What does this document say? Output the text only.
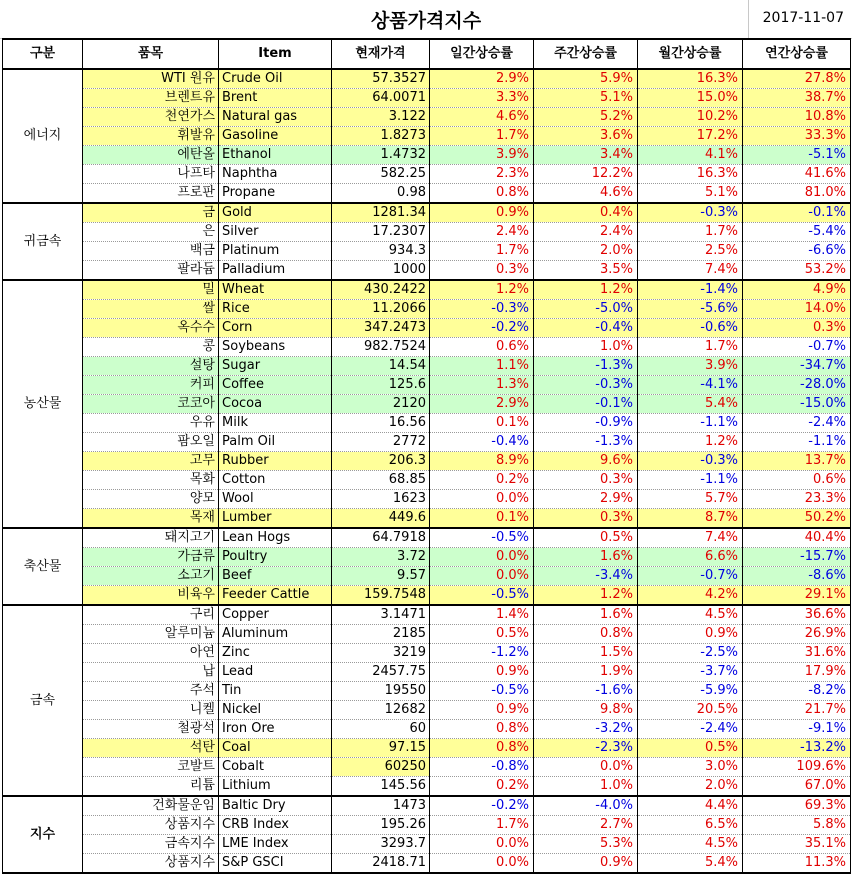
상품가격지수	2017-11-07
구분	품목	Item	현재가격	일간상승률	주간상승률	월간상승률	연간상승률
에너지	WTI 원유	Crude Oil	57.3527	2.9%	5.9%	16.3%	27.8%
	브렌트유	Brent	64.0071	3.3%	5.1%	15.0%	38.7%
	천연가스	Natural gas	3.122	4.6%	5.2%	10.2%	10.8%
	휘발유	Gasoline	1.8273	1.7%	3.6%	17.2%	33.3%
	에탄올	Ethanol	1.4732	3.9%	3.4%	4.1%	-5.1%
	나프타	Naphtha	582.25	2.3%	12.2%	16.3%	41.6%
	프로판	Propane	0.98	0.8%	4.6%	5.1%	81.0%
귀금속	금	Gold	1281.34	0.9%	0.4%	-0.3%	-0.1%
	은	Silver	17.2307	2.4%	2.4%	1.7%	-5.4%
	백금	Platinum	934.3	1.7%	2.0%	2.5%	-6.6%
	팔라듐	Palladium	1000	0.3%	3.5%	7.4%	53.2%
농산물	밀	Wheat	430.2422	1.2%	1.2%	-1.4%	4.9%
	쌀	Rice	11.2066	-0.3%	-5.0%	-5.6%	14.0%
	옥수수	Corn	347.2473	-0.2%	-0.4%	-0.6%	0.3%
	콩	Soybeans	982.7524	0.6%	1.0%	1.7%	-0.7%
	설탕	Sugar	14.54	1.1%	-1.3%	3.9%	-34.7%
	커피	Coffee	125.6	1.3%	-0.3%	-4.1%	-28.0%
	코코아	Cocoa	2120	2.9%	-0.1%	5.4%	-15.0%
	우유	Milk	16.56	0.1%	-0.9%	-1.1%	-2.4%
	팜오일	Palm Oil	2772	-0.4%	-1.3%	1.2%	-1.1%
	고무	Rubber	206.3	8.9%	9.6%	-0.3%	13.7%
	목화	Cotton	68.85	0.2%	0.3%	-1.1%	0.6%
	양모	Wool	1623	0.0%	2.9%	5.7%	23.3%
	목재	Lumber	449.6	0.1%	0.3%	8.7%	50.2%
축산물	돼지고기	Lean Hogs	64.7918	-0.5%	0.5%	7.4%	40.4%
	가금류	Poultry	3.72	0.0%	1.6%	6.6%	-15.7%
	소고기	Beef	9.57	0.0%	-3.4%	-0.7%	-8.6%
	비육우	Feeder Cattle	159.7548	-0.5%	1.2%	4.2%	29.1%
금속	구리	Copper	3.1471	1.4%	1.6%	4.5%	36.6%
	알루미늄	Aluminum	2185	0.5%	0.8%	0.9%	26.9%
	아연	Zinc	3219	-1.2%	1.5%	-2.5%	31.6%
	납	Lead	2457.75	0.9%	1.9%	-3.7%	17.9%
	주석	Tin	19550	-0.5%	-1.6%	-5.9%	-8.2%
	니켈	Nickel	12682	0.9%	9.8%	20.5%	21.7%
	철광석	Iron Ore	60	0.8%	-3.2%	-2.4%	-9.1%
	석탄	Coal	97.15	0.8%	-2.3%	0.5%	-13.2%
	코발트	Cobalt	60250	-0.8%	0.0%	3.0%	109.6%
	리튬	Lithium	145.56	0.2%	1.0%	2.0%	67.0%
지수	건화물운임	Baltic Dry	1473	-0.2%	-4.0%	4.4%	69.3%
	상품지수	CRB Index	195.26	1.7%	2.7%	6.5%	5.8%
	금속지수	LME Index	3293.7	0.0%	5.3%	4.5%	35.1%
	상품지수	S&P GSCI	2418.71	0.0%	0.9%	5.4%	11.3%
